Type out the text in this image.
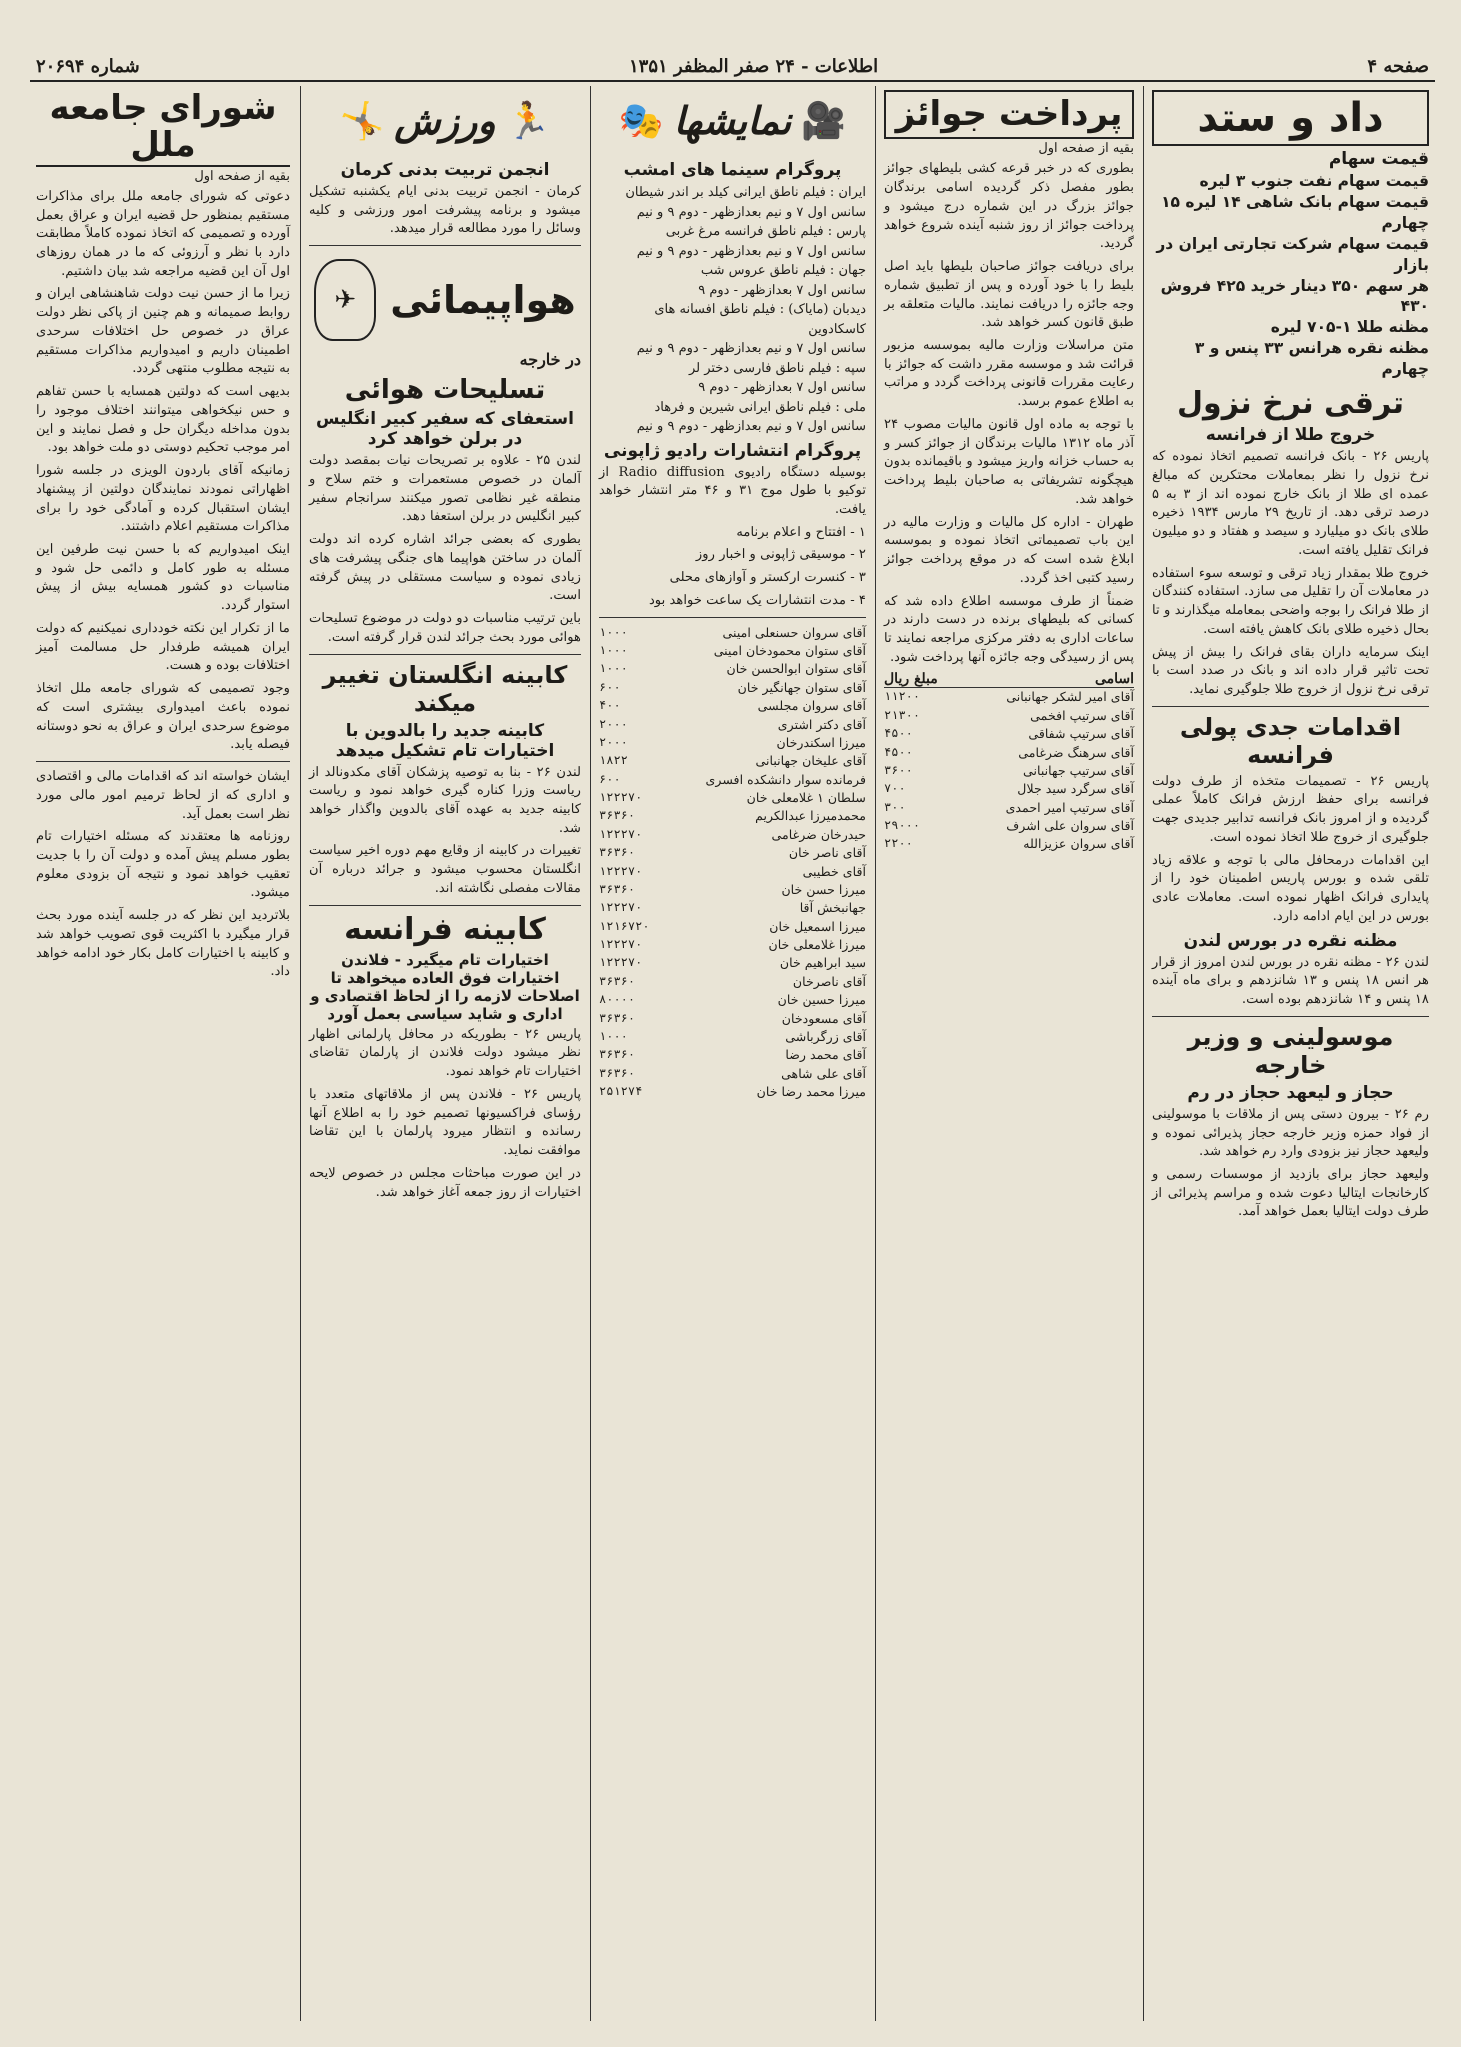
صفحه ۴
اطلاعات - ۲۴ صفر المظفر ۱۳۵۱
شماره ۲۰۶۹۴
داد و ستد
قیمت سهام
قیمت سهام نفت جنوب ۳ لیره
قیمت سهام بانک شاهی ۱۴ لیره ۱۵ چهارم
قیمت سهام شرکت تجارتی ایران در بازار
هر سهم ۳۵۰ دینار خرید ۴۲۵ فروش ۴۳۰
مظنه طلا ۱-۷۰۵ لیره
مظنه نقره هرانس ۳۳ پنس و ۳ چهارم
ترقی نرخ نزول
خروج طلا از فرانسه

پاریس ۲۶ - بانک فرانسه تصمیم اتخاذ نموده که نرخ نزول را نظر بمعاملات محتکرین که مبالغ عمده ای طلا از بانک خارج نموده اند از ۳ به ۵ درصد ترقی دهد. از تاریخ ۲۹ مارس ۱۹۳۴ ذخیره طلای بانک دو میلیارد و سیصد و هفتاد و دو میلیون فرانک تقلیل یافته است.

خروج طلا بمقدار زیاد ترقی و توسعه سوء استفاده در معاملات آن را تقلیل می سازد. استفاده کنندگان از طلا فرانک را بوجه واضحی بمعامله میگذارند و تا بحال ذخیره طلای بانک کاهش یافته است.

اینک سرمایه داران بقای فرانک را بیش از پیش تحت تاثیر قرار داده اند و بانک در صدد است با ترقی نرخ نزول از خروج طلا جلوگیری نماید.

اقدامات جدی پولی فرانسه

پاریس ۲۶ - تصمیمات متخذه از طرف دولت فرانسه برای حفظ ارزش فرانک کاملاً عملی گردیده و از امروز بانک فرانسه تدابیر جدیدی جهت جلوگیری از خروج طلا اتخاذ نموده است.

این اقدامات درمحافل مالی با توجه و علاقه زیاد تلقی شده و بورس پاریس اطمینان خود را از پایداری فرانک اظهار نموده است. معاملات عادی بورس در این ایام ادامه دارد.

مظنه نقره در بورس لندن

لندن ۲۶ - مظنه نقره در بورس لندن امروز از قرار هر انس ۱۸ پنس و ۱۳ شانزدهم و برای ماه آینده ۱۸ پنس و ۱۴ شانزدهم بوده است.

موسولینی و وزیر خارجه
حجاز و لیعهد حجاز در رم

رم ۲۶ - بیرون دستی پس از ملاقات با موسولینی از فواد حمزه وزیر خارجه حجاز پذیرائی نموده و ولیعهد حجاز نیز بزودی وارد رم خواهد شد.

ولیعهد حجاز برای بازدید از موسسات رسمی و کارخانجات ایتالیا دعوت شده و مراسم پذیرائی از طرف دولت ایتالیا بعمل خواهد آمد.

پرداخت جوائز
بقیه از صفحه اول

بطوری که در خبر قرعه کشی بلیطهای جوائز بطور مفصل ذکر گردیده اسامی برندگان جوائز بزرگ در این شماره درج میشود و پرداخت جوائز از روز شنبه آینده شروع خواهد گردید.

برای دریافت جوائز صاحبان بلیطها باید اصل بلیط را با خود آورده و پس از تطبیق شماره وجه جائزه را دریافت نمایند. مالیات متعلقه بر طبق قانون کسر خواهد شد.

متن مراسلات وزارت ماليه بموسسه مزبور قرائت شد و موسسه مقرر داشت که جوائز با رعایت مقررات قانونی پرداخت گردد و مراتب به اطلاع عموم برسد.

با توجه به ماده اول قانون مالیات مصوب ۲۴ آذر ماه ۱۳۱۲ مالیات برندگان از جوائز کسر و به حساب خزانه واریز میشود و باقیمانده بدون هیچگونه تشریفاتی به صاحبان بلیط پرداخت خواهد شد.

طهران - اداره کل مالیات و وزارت مالیه در این باب تصمیماتی اتخاذ نموده و بموسسه ابلاغ شده است که در موقع پرداخت جوائز رسید کتبی اخذ گردد.

ضمناً از طرف موسسه اطلاع داده شد که کسانی که بلیطهای برنده در دست دارند در ساعات اداری به دفتر مرکزی مراجعه نمایند تا پس از رسیدگی وجه جائزه آنها پرداخت شود.

اسامی
مبلغ ریال
آقای امیر لشکر جهانبانی
۱۱۲۰۰
آقای سرتیپ افخمی
۲۱۳۰۰
آقای سرتیپ شفاقی
۴۵۰۰
آقای سرهنگ ضرغامی
۴۵۰۰
آقای سرتیپ جهانبانی
۳۶۰۰
آقای سرگرد سید جلال
۷۰۰
آقای سرتیپ امیر احمدی
۳۰۰
آقای سروان علی اشرف
۲۹۰۰۰
آقای سروان عزیزالله
۲۲۰۰
🎥
نمایشها
🎭
پروگرام سینما های امشب
ایران : فیلم ناطق ایرانی کیلد بر اندر شیطان
سانس اول ۷ و نیم بعدازظهر - دوم ۹ و نیم
پارس : فیلم ناطق فرانسه مرغ غربی
سانس اول ۷ و نیم بعدازظهر - دوم ۹ و نیم
جهان : فیلم ناطق عروس شب
سانس اول ۷ بعدازظهر - دوم ۹
دیدبان (مایاک) : فیلم ناطق افسانه های کاسکادوین
سانس اول ۷ و نیم بعدازظهر - دوم ۹ و نیم
سپه : فیلم ناطق فارسی دختر لر
سانس اول ۷ بعدازظهر - دوم ۹
ملی : فیلم ناطق ایرانی شیرین و فرهاد
سانس اول ۷ و نیم بعدازظهر - دوم ۹ و نیم
پروگرام انتشارات رادیو ژاپونی

بوسیله دستگاه رادیوی Radio diffusion از توکیو با طول موج ۳۱ و ۴۶ متر انتشار خواهد یافت.

۱ - افتتاح و اعلام برنامه

۲ - موسیقی ژاپونی و اخبار روز

۳ - کنسرت ارکستر و آوازهای محلی

۴ - مدت انتشارات یک ساعت خواهد بود

آقای سروان حسنعلی امینی
۱۰۰۰
آقای ستوان محمودخان امینی
۱۰۰۰
آقای ستوان ابوالحسن خان
۱۰۰۰
آقای ستوان جهانگیر خان
۶۰۰
آقای سروان مجلسی
۴۰۰
آقای دکتر اشتری
۲۰۰۰
میرزا اسکندرخان
۲۰۰۰
آقای علیخان جهانبانی
۱۸۲۲
فرمانده سوار دانشکده افسری
۶۰۰
سلطان ۱ غلامعلی خان
۱۲۲۲۷۰
محمدمیرزا عبدالکریم
۳۶۳۶۰
حیدرخان ضرغامی
۱۲۲۲۷۰
آقای ناصر خان
۳۶۳۶۰
آقای خطیبی
۱۲۲۲۷۰
میرزا حسن خان
۳۶۳۶۰
جهانبخش آقا
۱۲۲۲۷۰
میرزا اسمعیل خان
۱۲۱۶۷۲۰
میرزا غلامعلی خان
۱۲۲۲۷۰
سید ابراهیم خان
۱۲۲۲۷۰
آقای ناصرخان
۳۶۳۶۰
میرزا حسین خان
۸۰۰۰۰
آقای مسعودخان
۳۶۳۶۰
آقای زرگرباشی
۱۰۰۰
آقای محمد رضا
۳۶۳۶۰
آقای علی شاهی
۳۶۳۶۰
میرزا محمد رضا خان
۲۵۱۲۷۴
🏃
ورزش
🤸
انجمن تربیت بدنی کرمان

کرمان - انجمن تربیت بدنی ایام یکشنبه تشکیل میشود و برنامه پیشرفت امور ورزشی و کلیه وسائل را مورد مطالعه قرار میدهد.

هواپیمائی
✈
در خارجه
تسلیحات هوائی
استعفای که سفیر کبیر انگلیس در برلن خواهد کرد

لندن ۲۵ - علاوه بر تصریحات نیات بمقصد دولت آلمان در خصوص مستعمرات و ختم سلاح و منطقه غیر نظامی تصور میکنند سرانجام سفیر کبیر انگلیس در برلن استعفا دهد.

بطوری که بعضی جرائد اشاره کرده اند دولت آلمان در ساختن هواپیما های جنگی پیشرفت های زیادی نموده و سیاست مستقلی در پیش گرفته است.

باین ترتیب مناسبات دو دولت در موضوع تسلیحات هوائی مورد بحث جرائد لندن قرار گرفته است.

کابینه انگلستان تغییر میکند
کابینه جدید را بالدوین با اختیارات تام تشکیل میدهد

لندن ۲۶ - بنا به توصیه پزشکان آقای مکدونالد از ریاست وزرا کناره گیری خواهد نمود و ریاست کابینه جدید به عهده آقای بالدوین واگذار خواهد شد.

تغییرات در کابینه از وقایع مهم دوره اخیر سیاست انگلستان محسوب میشود و جرائد درباره آن مقالات مفصلی نگاشته اند.

کابینه فرانسه
اختیارات تام میگیرد - فلاندن اختیارات فوق العاده میخواهد تا اصلاحات لازمه را از لحاظ اقتصادی و اداری و شاید سیاسی بعمل آورد

پاریس ۲۶ - بطوریکه در محافل پارلمانی اظهار نظر میشود دولت فلاندن از پارلمان تقاضای اختیارات تام خواهد نمود.

پاریس ۲۶ - فلاندن پس از ملاقاتهای متعدد با رؤسای فراکسیونها تصمیم خود را به اطلاع آنها رسانده و انتظار میرود پارلمان با این تقاضا موافقت نماید.

در این صورت مباحثات مجلس در خصوص لایحه اختیارات از روز جمعه آغاز خواهد شد.

شورای جامعه ملل
بقیه از صفحه اول

دعوتی که شورای جامعه ملل برای مذاکرات مستقیم بمنظور حل قضیه ایران و عراق بعمل آورده و تصمیمی که اتخاذ نموده کاملاً مطابقت دارد با نظر و آرزوئی که ما در همان روزهای اول آن این قضیه مراجعه شد بیان داشتیم.

زیرا ما از حسن نیت دولت شاهنشاهی ایران و روابط صمیمانه و هم چنین از پاکی نظر دولت عراق در خصوص حل اختلافات سرحدی اطمینان داریم و امیدواریم مذاکرات مستقیم به نتیجه مطلوب منتهی گردد.

بدیهی است که دولتین همسایه با حسن تفاهم و حس نیکخواهی میتوانند اختلاف موجود را بدون مداخله دیگران حل و فصل نمایند و این امر موجب تحکیم دوستی دو ملت خواهد بود.

زمانیکه آقای باردون الویزی در جلسه شورا اظهاراتی نمودند نمایندگان دولتین از پیشنهاد ایشان استقبال کرده و آمادگی خود را برای مذاکرات مستقیم اعلام داشتند.

اینک امیدواریم که با حسن نیت طرفین این مسئله به طور کامل و دائمی حل شود و مناسبات دو کشور همسایه بیش از پیش استوار گردد.

ما از تکرار این نکته خودداری نمیکنیم که دولت ایران همیشه طرفدار حل مسالمت آمیز اختلافات بوده و هست.

وجود تصمیمی که شورای جامعه ملل اتخاذ نموده باعث امیدواری بیشتری است که موضوع سرحدی ایران و عراق به نحو دوستانه فیصله یابد.

ایشان خواسته اند که اقدامات مالی و اقتصادی و اداری که از لحاظ ترمیم امور مالی مورد نظر است بعمل آید.

روزنامه ها معتقدند که مسئله اختیارات تام بطور مسلم پیش آمده و دولت آن را با جدیت تعقیب خواهد نمود و نتیجه آن بزودی معلوم میشود.

بلاتردید این نظر که در جلسه آینده مورد بحث قرار میگیرد با اکثریت قوی تصویب خواهد شد و کابینه با اختیارات کامل بکار خود ادامه خواهد داد.
